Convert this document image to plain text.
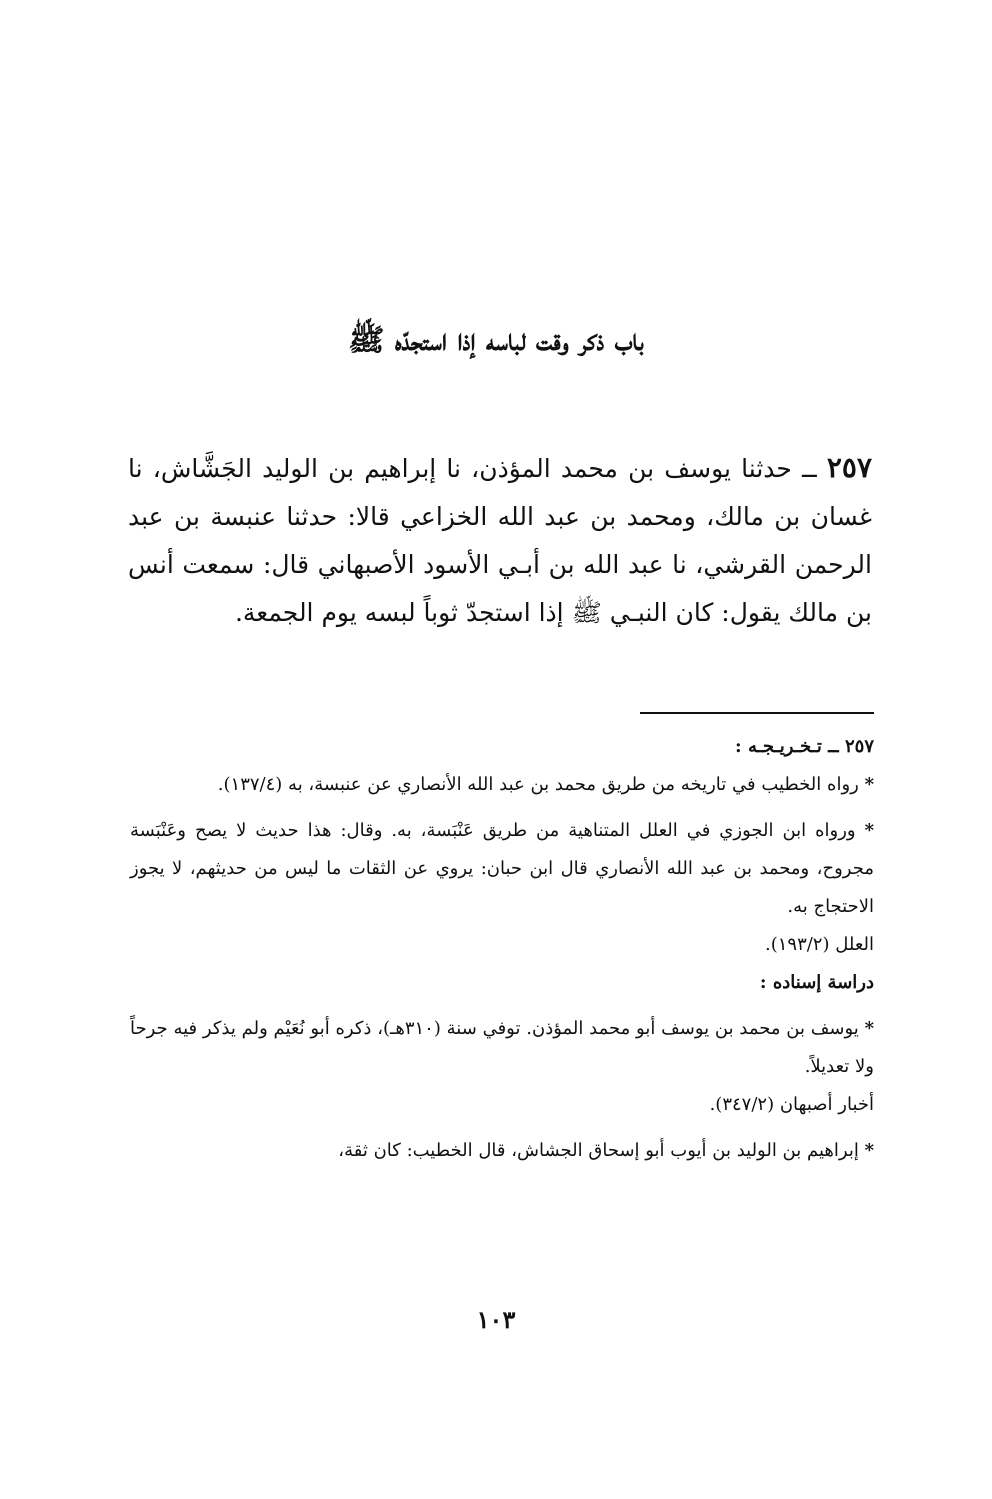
باب ذكر وقت لباسه إذا استجدّه ﷺ

٢٥٧ ــ حدثنا يوسف بن محمد المؤذن، نا إبراهيم بن الوليد الجَشَّاش، نا غسان بن مالك، ومحمد بن عبد الله الخزاعي قالا: حدثنا عنبسة بن عبد الرحمن القرشي، نا عبد الله بن أبـي الأسود الأصبهاني قال: سمعت أنس بن مالك يقول: كان النبـي ﷺ إذا استجدّ ثوباً لبسه يوم الجمعة.

٢٥٧ ــ تـخـريـجـه :

* رواه الخطيب في تاريخه من طريق محمد بن عبد الله الأنصاري عن عنبسة، به (١٣٧/٤).

* ورواه ابن الجوزي في العلل المتناهية من طريق عَنْبَسة، به. وقال: هذا حديث لا يصح وعَنْبَسة مجروح، ومحمد بن عبد الله الأنصاري قال ابن حبان: يروي عن الثقات ما ليس من حديثهم، لا يجوز الاحتجاج به.

العلل (١٩٣/٢).

دراسة إسناده :

* يوسف بن محمد بن يوسف أبو محمد المؤذن. توفي سنة (٣١٠هـ)، ذكره أبو نُعَيْم ولم يذكر فيه جرحاً ولا تعديلاً.

أخبار أصبهان (٣٤٧/٢).

* إبراهيم بن الوليد بن أيوب أبو إسحاق الجشاش، قال الخطيب: كان ثقة،

١٠٣
